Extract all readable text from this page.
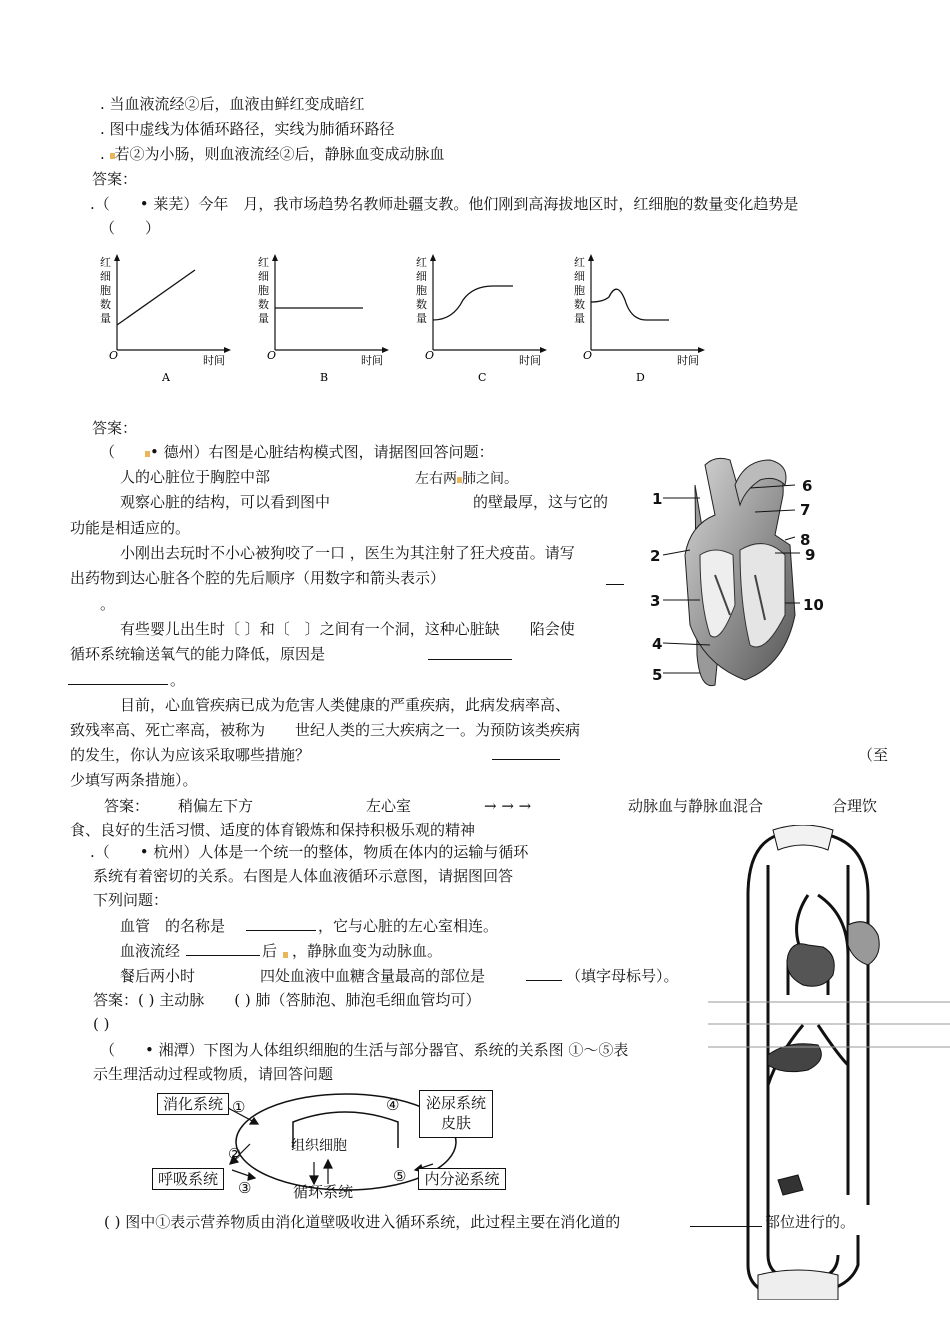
. 当血液流经②后，血液由鲜红变成暗红
. 图中虚线为体循环路径，实线为肺循环路径
. 若②为小肠，则血液流经②后，静脉血变成动脉血
答案：
.（　　• 莱芜）今年　月，我市场趋势名教师赴疆支教。他们刚到高海拔地区时，红细胞的数量变化趋势是
（　　）
红
细
胞
数
量
O	时间
A
红
细
胞
数
量
O	时间
B
红
细
胞
数
量
O	时间
C
红
细
胞
数
量
O	时间
D
答案：
（　　 • 德州）右图是心脏结构模式图，请据图回答问题：
人的心脏位于胸腔中部	左右两 肺之间。
观察心脏的结构，可以看到图中	的壁最厚，这与它的
功能是相适应的。
小刚出去玩时不小心被狗咬了一口 ，医生为其注射了狂犬疫苗。请写
出药物到达心脏各个腔的先后顺序（用数字和箭头表示）
。
有些婴儿出生时〔 〕和〔　〕之间有一个洞，这种心脏缺　　陷会使
循环系统输送氧气的能力降低，原因是
。
目前，心血管疾病已成为危害人类健康的严重疾病，此病发病率高、
致残率高、死亡率高，被称为　　世纪人类的三大疾病之一。为预防该类疾病
的发生，你认为应该采取哪些措施？	（至
少填写两条措施）。
答案： 稍偏左下方	左心室	→ → →	动脉血与静脉血混合	合理饮
食、良好的生活习惯、适度的体育锻炼和保持积极乐观的精神
1
2
3
4
5
6
7
8
9
10
.（　　• 杭州）人体是一个统一的整体，物质在体内的运输与循环
系统有着密切的关系。右图是人体血液循环示意图，请据图回答
下列问题：
血管　的名称是	，它与心脏的左心室相连。
血液流经	后 ，静脉血变为动脉血。
餐后两小时	四处血液中血糖含量最高的部位是	（填字母标号）。
答案：( ) 主动脉　　( ) 肺（答肺泡、肺泡毛细血管均可）
( )
（　　• 湘潭）下图为人体组织细胞的生活与部分器官、系统的关系图 ①～⑤表
示生理活动过程或物质，请回答问题
消化系统 ①	④	泌尿系统
皮肤
组织细胞
②
呼吸系统	③
⑤	内分泌系统
循环系统
( ) 图中①表示营养物质由消化道壁吸收进入循环系统，此过程主要在消化道的	部位进行的。
